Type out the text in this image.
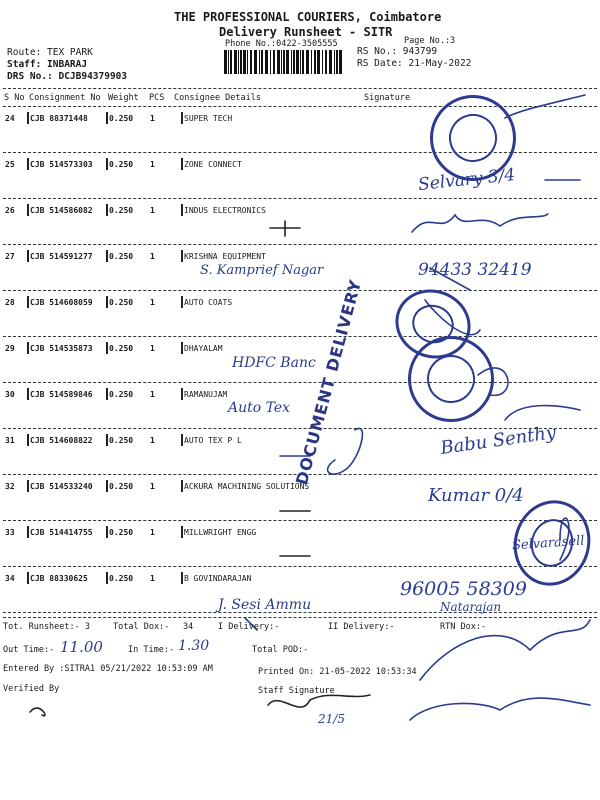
THE PROFESSIONAL COURIERS, Coimbatore
Delivery Runsheet - SITR
Phone No.:0422-3505555	Page No.:3
Route: TEX PARK
Staff: INBARAJ
DRS No.: DCJB94379903
RS No.: 943799
RS Date: 21-May-2022
S No Consignment No Weight PCS Consignee Details	Signature
24 CJB 88371448	0.250 1	SUPER TECH
25 CJB 514573303 0.250 1	ZONE CONNECT
26 CJB 514586082 0.250 1	INDUS ELECTRONICS
27 CJB 514591277 0.250 1	KRISHNA EQUIPMENT
28 CJB 514608059 0.250 1	AUTO COATS
29 CJB 514535873 0.250 1	DHAYALAM
30 CJB 514589846 0.250 1	RAMANUJAM
31 CJB 514608822 0.250 1	AUTO TEX P L
32 CJB 514533240 0.250 1	ACKURA MACHINING SOLUTIONS
33 CJB 514414755 0.250 1	MILLWRIGHT ENGG
34 CJB 88330625	0.250 1	B GOVINDARAJAN
Selvary 3/4
S. Kamprief Nagar	94433 32419
HDFC Banc
Auto Tex
Babu Senthy
Kumar 0/4
Selvarasell
J. Sesi Ammu
96005 58309
Natarajan
DOCUMENT DELIVERY
Tot. Runsheet:- 3	Total Dox:- 34	I Delivery:-	II Delivery:-	RTN Dox:-
Out Time:- 11.00	In Time:- 1.30	Total POD:-
Entered By :SITRA1 05/21/2022 10:53:09 AM	Printed On: 21-05-2022 10:53:34
Verified By	Staff Signature
21/5
